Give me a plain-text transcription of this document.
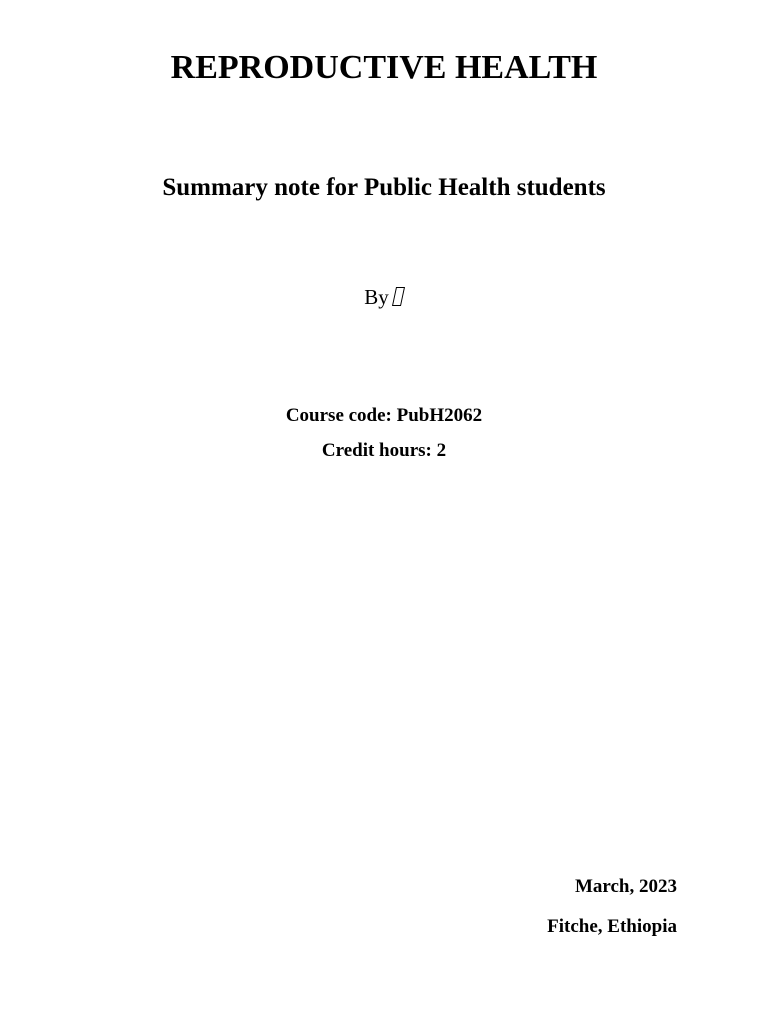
REPRODUCTIVE HEALTH
Summary note for Public Health students
By
Course code: PubH2062
Credit hours: 2
March, 2023
Fitche, Ethiopia
